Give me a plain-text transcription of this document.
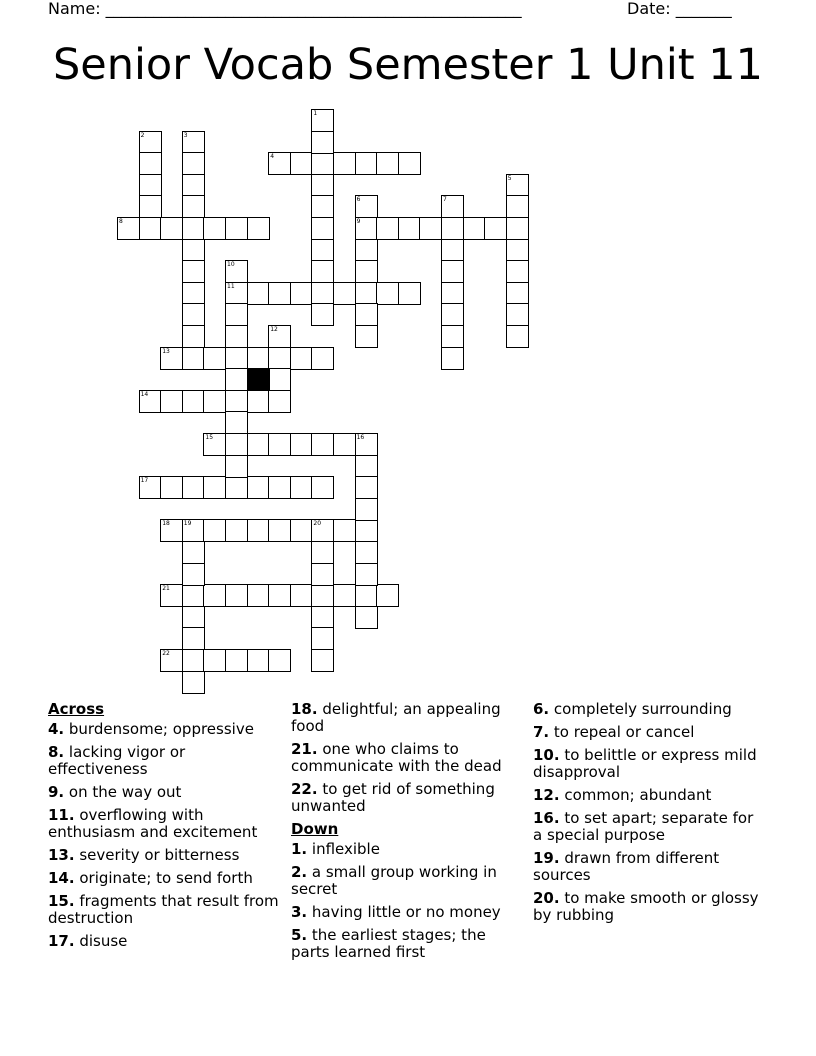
Name: ____________________________________________________	Date: _______
Senior Vocab Semester 1 Unit 11
1
2	3
4
5
6	7
8	9
10
11
12
13
14
15	16
17
18 19	20
21
22
Across
4. burdensome; oppressive
8. lacking vigor or effectiveness
9. on the way out
11. overflowing with enthusiasm and excitement
13. severity or bitterness
14. originate; to send forth
15. fragments that result from destruction
17. disuse
18. delightful; an appealing food
21. one who claims to communicate with the dead
22. to get rid of something unwanted
Down
1. inflexible
2. a small group working in secret
3. having little or no money
5. the earliest stages; the parts learned first
6. completely surrounding
7. to repeal or cancel
10. to belittle or express mild disapproval
12. common; abundant
16. to set apart; separate for a special purpose
19. drawn from different sources
20. to make smooth or glossy by rubbing
